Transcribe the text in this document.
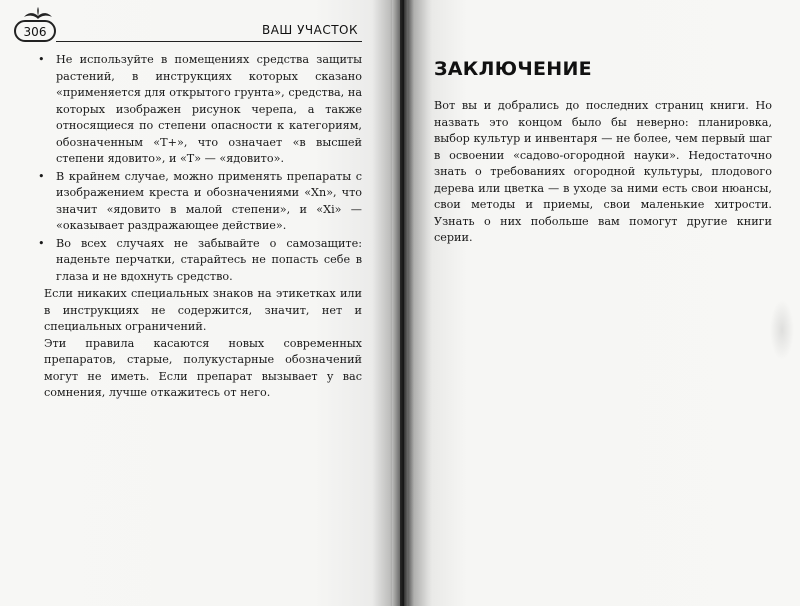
306	ВАШ УЧАСТОК
• Не используйте в помещениях средства защиты растений, в инструкциях которых сказано «применяется для открытого грунта», средства, на которых изображен рисунок черепа, а также относящиеся по степени опасности к категориям, обозначенным «Т+», что означает «в высшей степени ядовито», и «Т» — «ядовито».
• В крайнем случае, можно применять препараты с изображением креста и обозначениями «Xn», что значит «ядовито в малой степени», и «Xi» — «оказывает раздражающее действие».
• Во всех случаях не забывайте о самозащите: наденьте перчатки, старайтесь не попасть себе в глаза и не вдохнуть средство.

Если никаких специальных знаков на этикетках или в инструкциях не содержится, значит, нет и специальных ограничений.

Эти правила касаются новых современных препаратов, старые, полукустарные обозначений могут не иметь. Если препарат вызывает у вас сомнения, лучше откажитесь от него.

ЗАКЛЮЧЕНИЕ

Вот вы и добрались до последних страниц книги. Но назвать это концом было бы неверно: планировка, выбор культур и инвентаря — не более, чем первый шаг в освоении «садово-огородной науки». Недостаточно знать о требованиях огородной культуры, плодового дерева или цветка — в уходе за ними есть свои нюансы, свои методы и приемы, свои маленькие хитрости. Узнать о них побольше вам помогут другие книги серии.
